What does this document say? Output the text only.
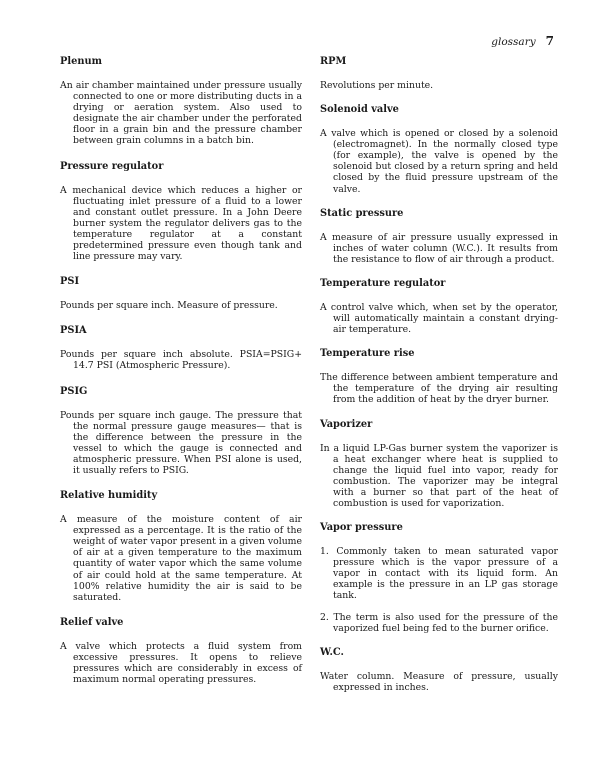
glossary 7
Plenum

An air chamber maintained under pressure usually connected to one or more distributing ducts in a drying or aeration system. Also used to designate the air chamber under the perforated floor in a grain bin and the pressure chamber between grain columns in a batch bin.

Pressure regulator

A mechanical device which reduces a higher or fluctuating inlet pressure of a fluid to a lower and constant outlet pressure. In a John Deere burner system the regulator delivers gas to the temperature regulator at a constant predetermined pressure even though tank and line pressure may vary.

PSI

Pounds per square inch. Measure of pressure.

PSIA

Pounds per square inch absolute. PSIA=PSIG+ 14.7 PSI (Atmospheric Pressure).

PSIG

Pounds per square inch gauge. The pressure that the normal pressure gauge measures— that is the difference between the pressure in the vessel to which the gauge is connected and atmospheric pressure. When PSI alone is used, it usually refers to PSIG.

Relative humidity

A measure of the moisture content of air expressed as a percentage. It is the ratio of the weight of water vapor present in a given volume of air at a given temperature to the maximum quantity of water vapor which the same volume of air could hold at the same temperature. At 100% relative humidity the air is said to be saturated.

Relief valve

A valve which protects a fluid system from excessive pressures. It opens to relieve pressures which are considerably in excess of maximum normal operating pressures.

RPM

Revolutions per minute.

Solenoid valve

A valve which is opened or closed by a solenoid (electromagnet). In the normally closed type (for example), the valve is opened by the solenoid but closed by a return spring and held closed by the fluid pressure upstream of the valve.

Static pressure

A measure of air pressure usually expressed in inches of water column (W.C.). It results from the resistance to flow of air through a product.

Temperature regulator

A control valve which, when set by the operator, will automatically maintain a constant drying-air temperature.

Temperature rise

The difference between ambient temperature and the temperature of the drying air resulting from the addition of heat by the dryer burner.

Vaporizer

In a liquid LP-Gas burner system the vaporizer is a heat exchanger where heat is supplied to change the liquid fuel into vapor, ready for combustion. The vaporizer may be integral with a burner so that part of the heat of combustion is used for vaporization.

Vapor pressure

1. Commonly taken to mean saturated vapor pressure which is the vapor pressure of a vapor in contact with its liquid form. An example is the pressure in an LP gas storage tank.

2. The term is also used for the pressure of the vaporized fuel being fed to the burner orifice.

W.C.

Water column. Measure of pressure, usually expressed in inches.
